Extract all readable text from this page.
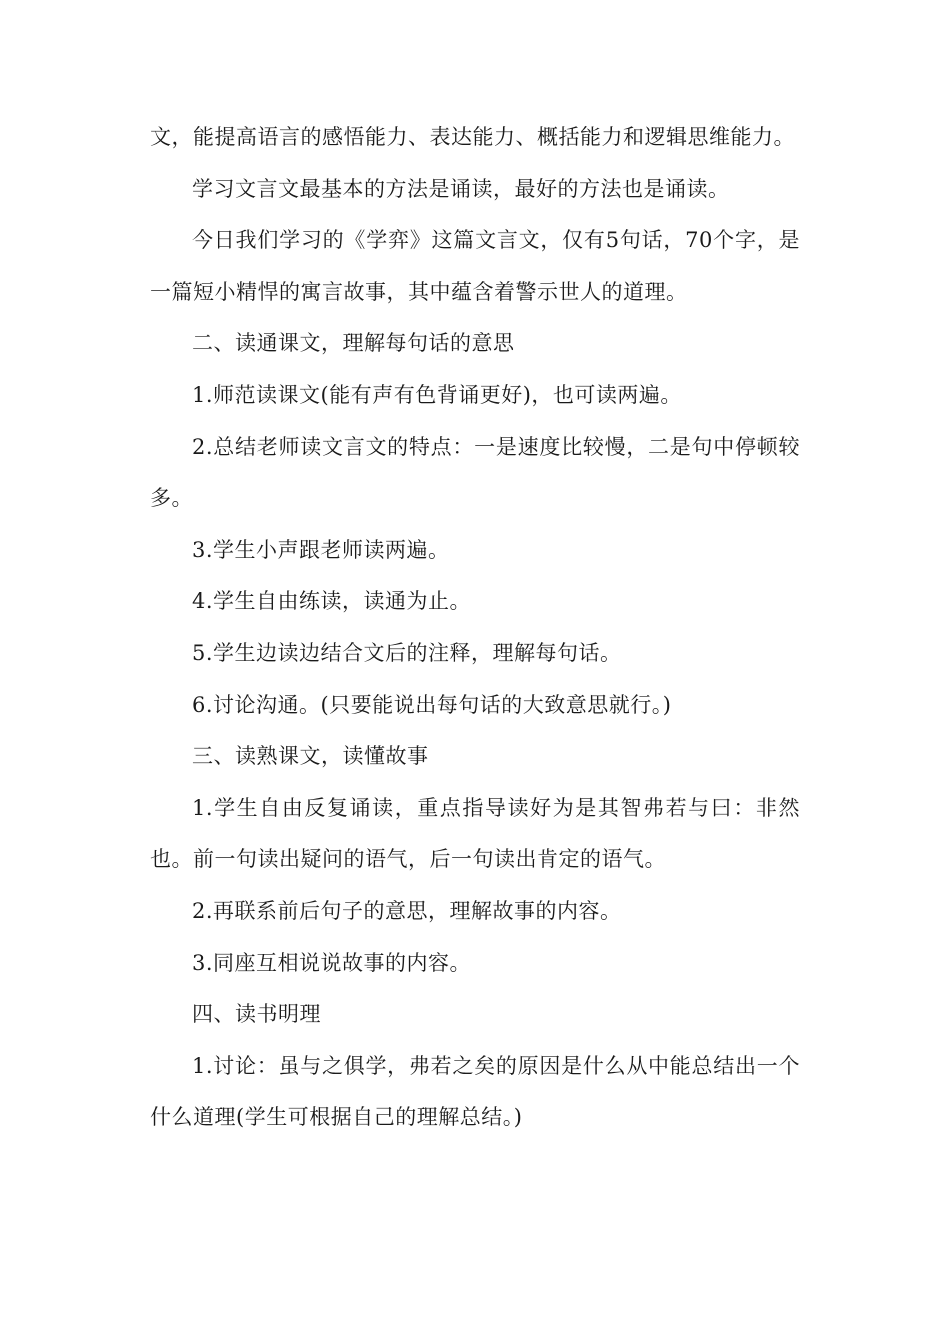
文，能提高语言的感悟能力、表达能力、概括能力和逻辑思维能力。

学习文言文最基本的方法是诵读，最好的方法也是诵读。

今日我们学习的《学弈》这篇文言文，仅有5句话，70个字，是一篇短小精悍的寓言故事，其中蕴含着警示世人的道理。

二、读通课文，理解每句话的意思

1.师范读课文(能有声有色背诵更好)，也可读两遍。

2.总结老师读文言文的特点：一是速度比较慢，二是句中停顿较多。

3.学生小声跟老师读两遍。

4.学生自由练读，读通为止。

5.学生边读边结合文后的注释，理解每句话。

6.讨论沟通。(只要能说出每句话的大致意思就行。)

三、读熟课文，读懂故事

1.学生自由反复诵读，重点指导读好为是其智弗若与曰：非然也。前一句读出疑问的语气，后一句读出肯定的语气。

2.再联系前后句子的意思，理解故事的内容。

3.同座互相说说故事的内容。

四、读书明理

1.讨论：虽与之俱学，弗若之矣的原因是什么从中能总结出一个什么道理(学生可根据自己的理解总结。)
